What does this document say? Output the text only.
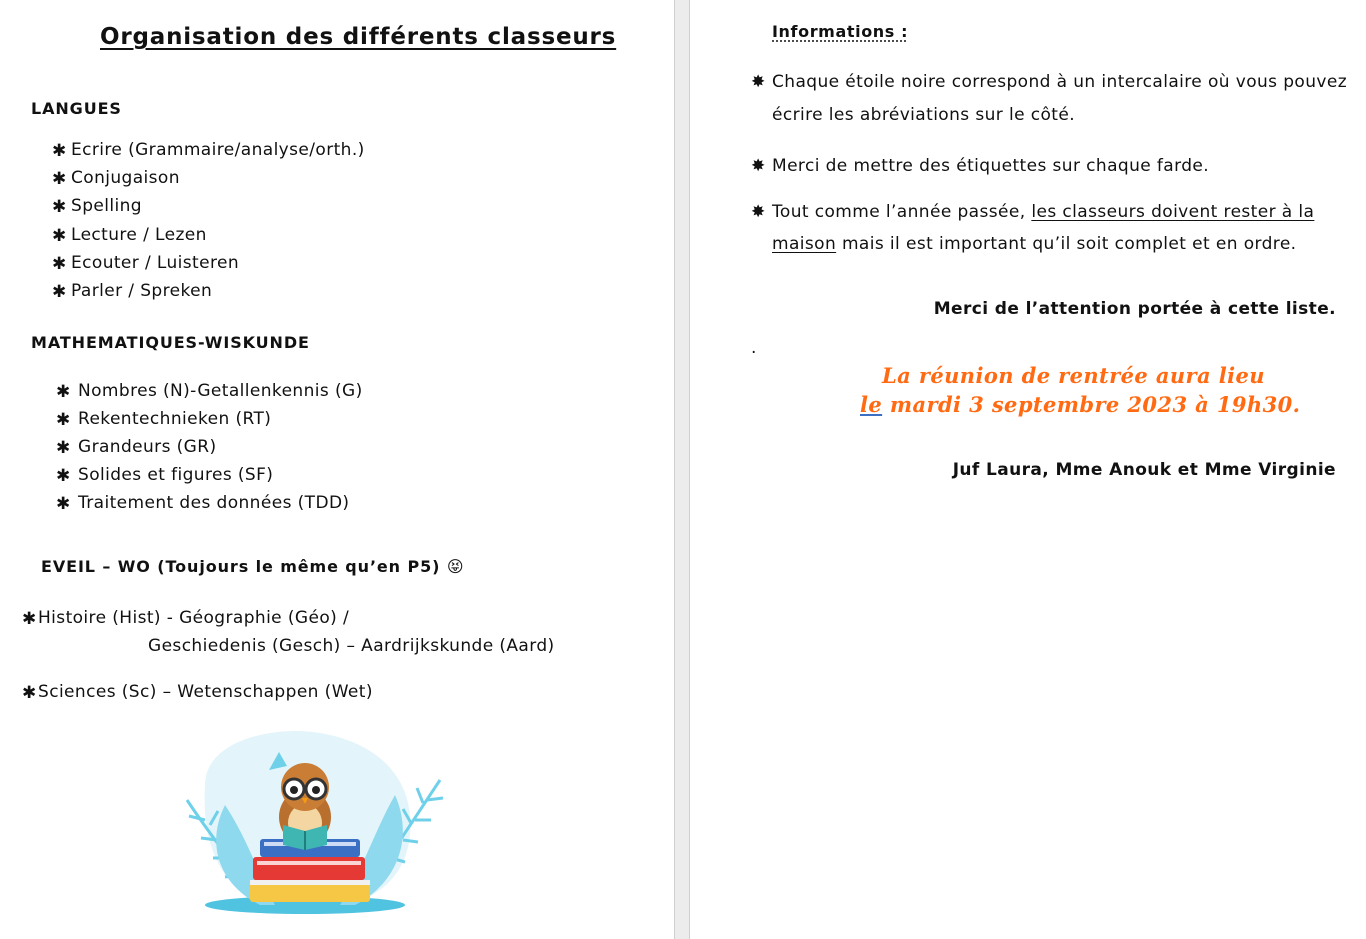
Organisation des différents classeurs
LANGUES
✱ Ecrire (Grammaire/analyse/orth.)
✱ Conjugaison
✱ Spelling
✱ Lecture / Lezen
✱ Ecouter / Luisteren
✱ Parler / Spreken
MATHEMATIQUES-WISKUNDE
✱ Nombres (N)-Getallenkennis (G)
✱ Rekentechnieken (RT)
✱ Grandeurs (GR)
✱ Solides et figures (SF)
✱ Traitement des données (TDD)
EVEIL – WO (Toujours le même qu’en P5) 😝
✱ Histoire (Hist) - Géographie (Géo) /
Geschiedenis (Gesch) – Aardrijkskunde (Aard)
✱ Sciences (Sc) – Wetenschappen (Wet)
Informations :
✸ Chaque étoile noire correspond à un intercalaire où vous pouvez
écrire les abréviations sur le côté.
✸ Merci de mettre des étiquettes sur chaque farde.
✸ Tout comme l’année passée, les classeurs doivent rester à la
maison mais il est important qu’il soit complet et en ordre.
Merci de l’attention portée à cette liste.
.
La réunion de rentrée aura lieu
le mardi 3 septembre 2023 à 19h30.
Juf Laura, Mme Anouk et Mme Virginie
